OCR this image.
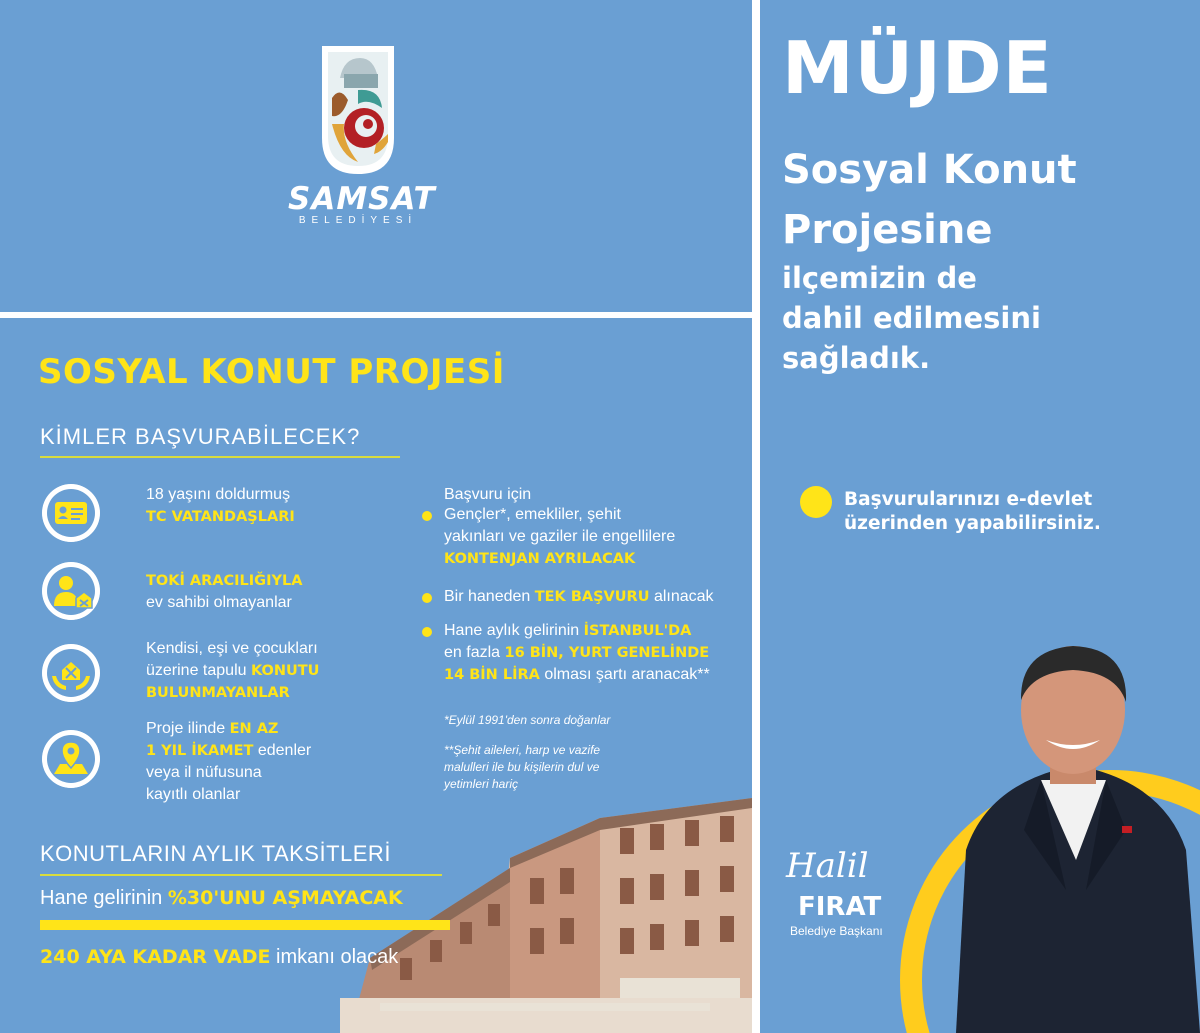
SAMSAT
BELEDİYESİ
SOSYAL KONUT PROJESİ
KİMLER BAŞVURABİLECEK?
18 yaşını doldurmuş
TC VATANDAŞLARI
TOKİ ARACILIĞIYLA
ev sahibi olmayanlar
Kendisi, eşi ve çocukları
üzerine tapulu KONUTU
BULUNMAYANLAR
Proje ilinde EN AZ
1 YIL İKAMET edenler
veya il nüfusuna
kayıtlı olanlar
Başvuru için
Gençler*, emekliler, şehit
yakınları ve gaziler ile engellilere
KONTENJAN AYRILACAK
Bir haneden TEK BAŞVURU alınacak
Hane aylık gelirinin İSTANBUL'DA
en fazla 16 BİN, YURT GENELİNDE
14 BİN LİRA olması şartı aranacak**
*Eylül 1991'den sonra doğanlar
**Şehit aileleri, harp ve vazife
malulleri ile bu kişilerin dul ve
yetimleri hariç
KONUTLARIN AYLIK TAKSİTLERİ
Hane gelirinin %30'UNU AŞMAYACAK
240 AYA KADAR VADE imkanı olacak
MÜJDE
Sosyal Konut
Projesine
ilçemizin de
dahil edilmesini
sağladık.
Başvurularınızı e-devlet
üzerinden yapabilirsiniz.
Halil
FIRAT
Belediye Başkanı
